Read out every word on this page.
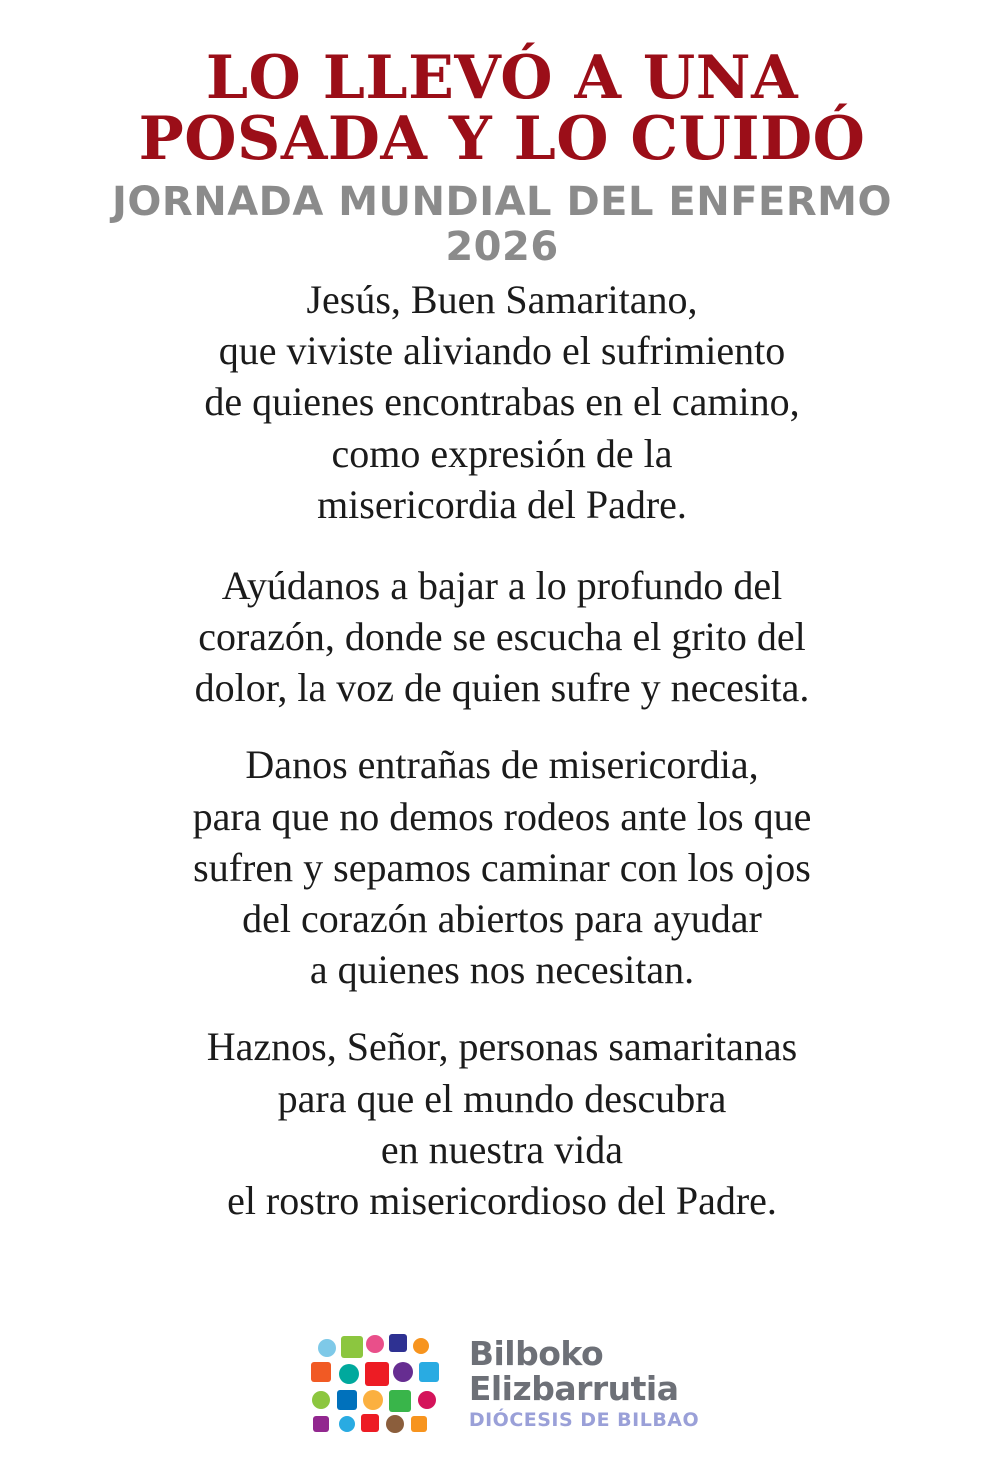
LO LLEVÓ A UNA
POSADA Y LO CUIDÓ
JORNADA MUNDIAL DEL ENFERMO
2026

Jesús, Buen Samaritano,
que viviste aliviando el sufrimiento
de quienes encontrabas en el camino,
como expresión de la
misericordia del Padre.

Ayúdanos a bajar a lo profundo del
corazón, donde se escucha el grito del
dolor, la voz de quien sufre y necesita.

Danos entrañas de misericordia,
para que no demos rodeos ante los que
sufren y sepamos caminar con los ojos
del corazón abiertos para ayudar
a quienes nos necesitan.

Haznos, Señor, personas samaritanas
para que el mundo descubra
en nuestra vida
el rostro misericordioso del Padre.

Bilboko
Elizbarrutia
DIÓCESIS DE BILBAO
